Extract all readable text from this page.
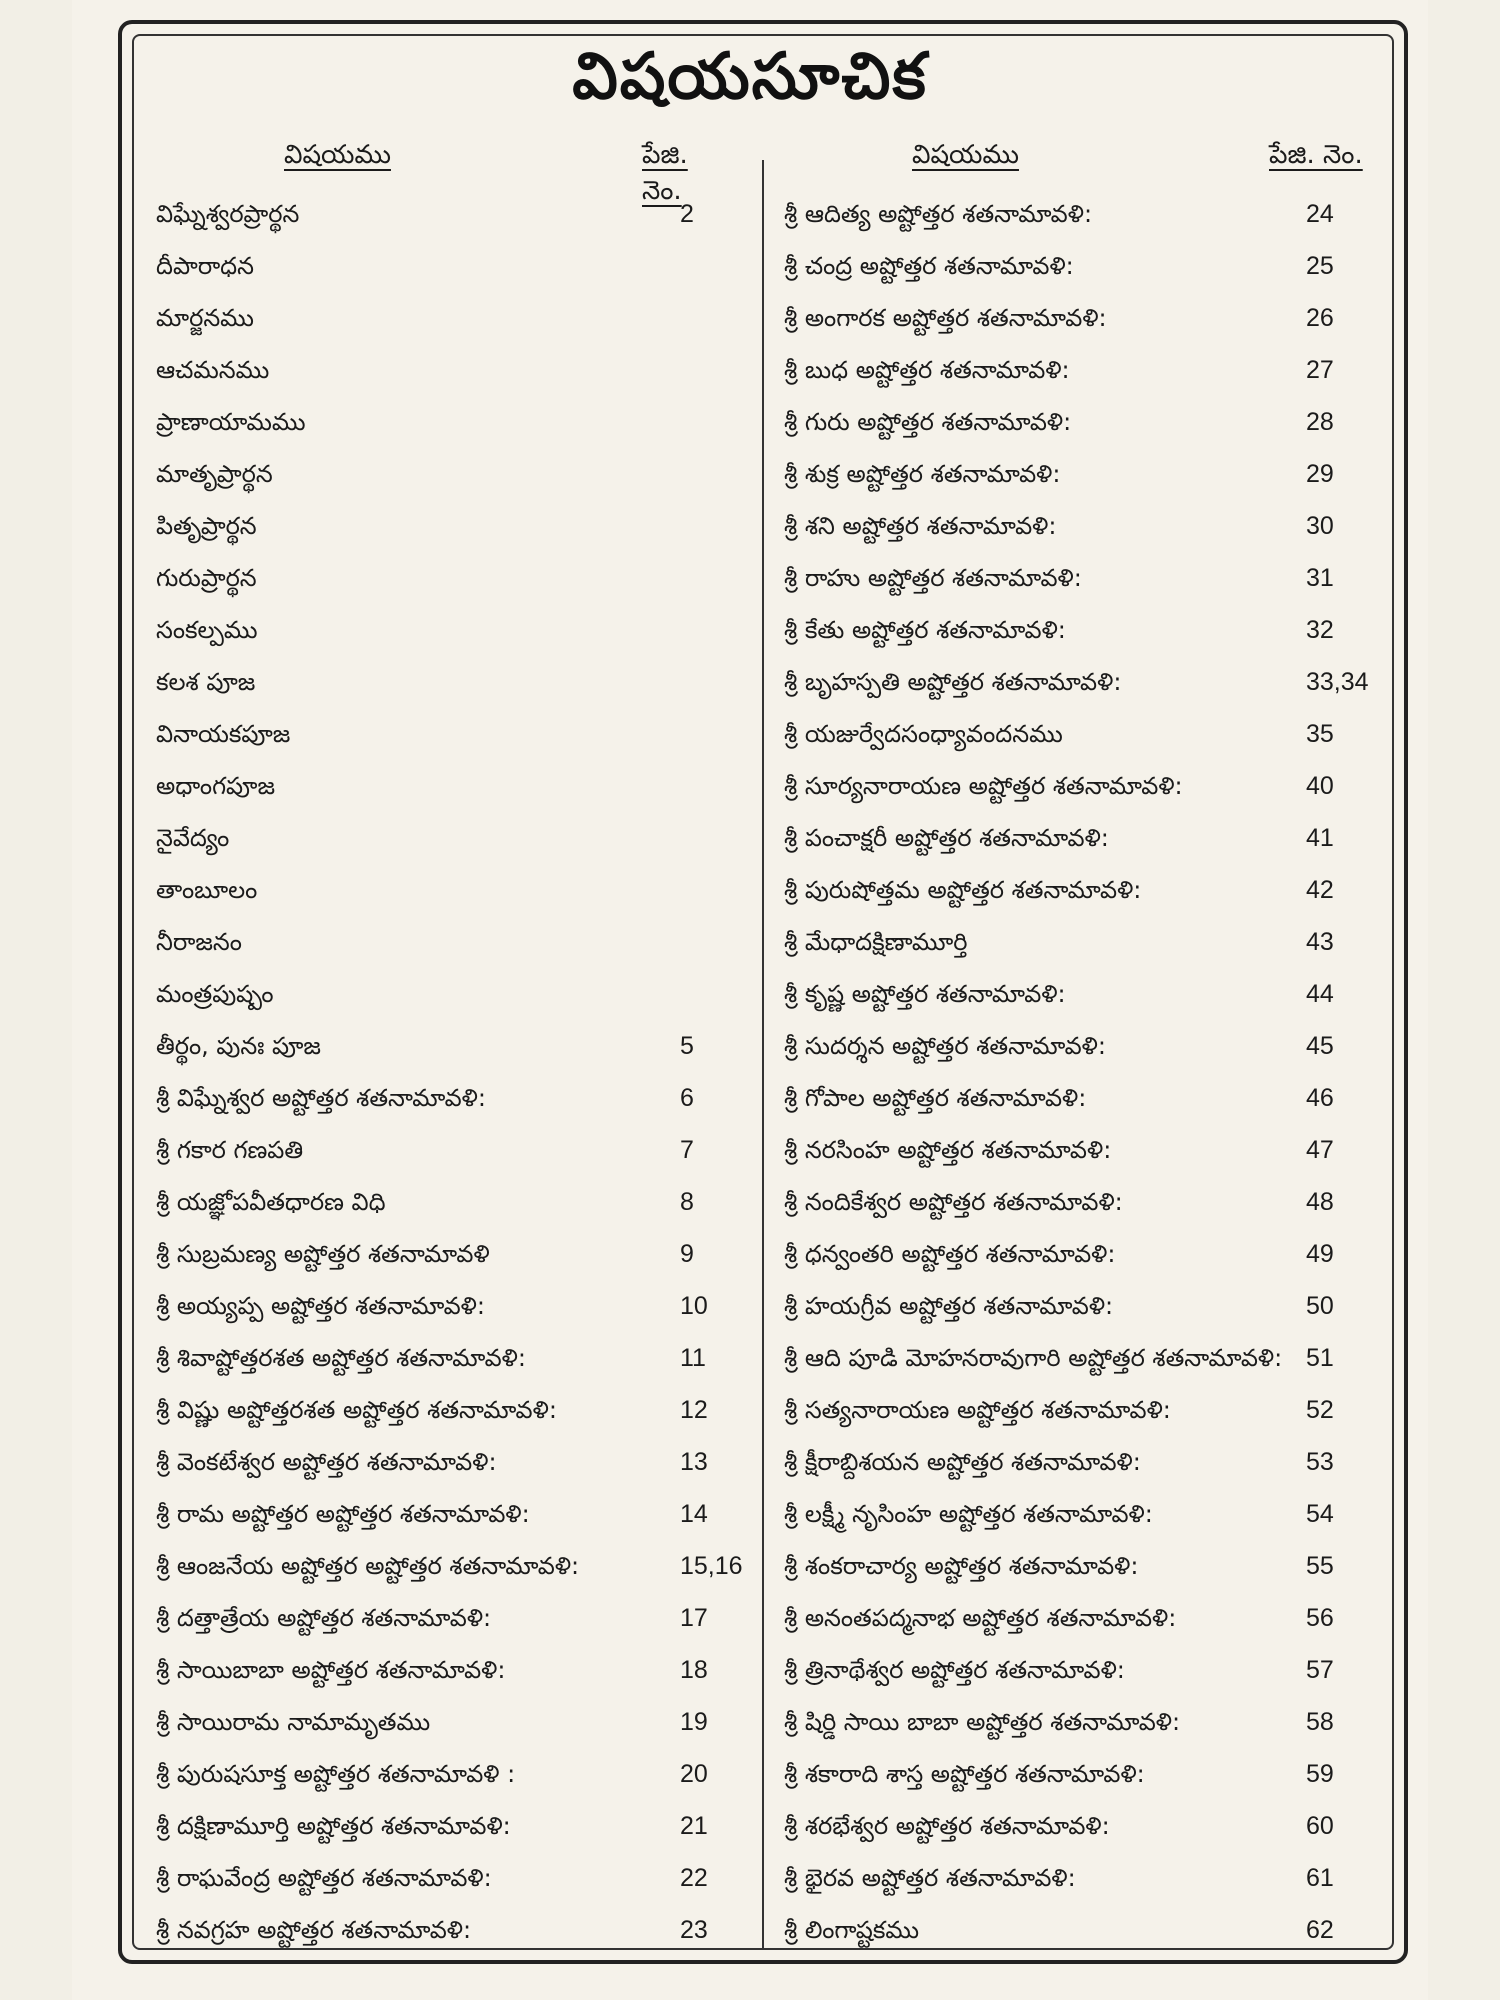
విషయసూచిక
విషయము	పేజి. నెం.
విఘ్నేశ్వరప్రార్థన	2
దీపారాధన
మార్జనము
ఆచమనము
ప్రాణాయామము
మాతృప్రార్థన
పితృప్రార్థన
గురుప్రార్థన
సంకల్పము
కలశ పూజ
వినాయకపూజ
అధాంగపూజ
నైవేద్యం
తాంబూలం
నీరాజనం
మంత్రపుష్పం
తీర్థం, పునః పూజ	5
శ్రీ విఘ్నేశ్వర అష్టోత్తర శతనామావళి:	6
శ్రీ గకార గణపతి	7
శ్రీ యజ్ఞోపవీతధారణ విధి	8
శ్రీ సుబ్రమణ్య అష్టోత్తర శతనామావళి	9
శ్రీ అయ్యప్ప అష్టోత్తర శతనామావళి:	10
శ్రీ శివాష్టోత్తరశత అష్టోత్తర శతనామావళి:	11
శ్రీ విష్ణు అష్టోత్తరశత అష్టోత్తర శతనామావళి:	12
శ్రీ వెంకటేశ్వర అష్టోత్తర శతనామావళి:	13
శ్రీ రామ అష్టోత్తర అష్టోత్తర శతనామావళి:	14
శ్రీ ఆంజనేయ అష్టోత్తర అష్టోత్తర శతనామావళి:	15,16
శ్రీ దత్తాత్రేయ అష్టోత్తర శతనామావళి:	17
శ్రీ సాయిబాబా అష్టోత్తర శతనామావళి:	18
శ్రీ సాయిరామ నామామృతము	19
శ్రీ పురుషసూక్త అష్టోత్తర శతనామావళి :	20
శ్రీ దక్షిణామూర్తి అష్టోత్తర శతనామావళి:	21
శ్రీ రాఘవేంద్ర అష్టోత్తర శతనామావళి:	22
శ్రీ నవగ్రహ అష్టోత్తర శతనామావళి:	23
విషయము	పేజి. నెం.
శ్రీ ఆదిత్య అష్టోత్తర శతనామావళి:	24
శ్రీ చంద్ర అష్టోత్తర శతనామావళి:	25
శ్రీ అంగారక అష్టోత్తర శతనామావళి:	26
శ్రీ బుధ అష్టోత్తర శతనామావళి:	27
శ్రీ గురు అష్టోత్తర శతనామావళి:	28
శ్రీ శుక్ర అష్టోత్తర శతనామావళి:	29
శ్రీ శని అష్టోత్తర శతనామావళి:	30
శ్రీ రాహు అష్టోత్తర శతనామావళి:	31
శ్రీ కేతు అష్టోత్తర శతనామావళి:	32
శ్రీ బృహస్పతి అష్టోత్తర శతనామావళి:	33,34
శ్రీ యజుర్వేదసంధ్యావందనము	35
శ్రీ సూర్యనారాయణ అష్టోత్తర శతనామావళి:	40
శ్రీ పంచాక్షరీ అష్టోత్తర శతనామావళి:	41
శ్రీ పురుషోత్తమ అష్టోత్తర శతనామావళి:	42
శ్రీ మేధాదక్షిణామూర్తి	43
శ్రీ కృష్ణ అష్టోత్తర శతనామావళి:	44
శ్రీ సుదర్శన అష్టోత్తర శతనామావళి:	45
శ్రీ గోపాల అష్టోత్తర శతనామావళి:	46
శ్రీ నరసింహ అష్టోత్తర శతనామావళి:	47
శ్రీ నందికేశ్వర అష్టోత్తర శతనామావళి:	48
శ్రీ ధన్వంతరి అష్టోత్తర శతనామావళి:	49
శ్రీ హయగ్రీవ అష్టోత్తర శతనామావళి:	50
శ్రీ ఆది పూడి మోహనరావుగారి అష్టోత్తర శతనామావళి: 51
శ్రీ సత్యనారాయణ అష్టోత్తర శతనామావళి:	52
శ్రీ క్షీరాబ్దిశయన అష్టోత్తర శతనామావళి:	53
శ్రీ లక్ష్మీ నృసింహ అష్టోత్తర శతనామావళి:	54
శ్రీ శంకరాచార్య అష్టోత్తర శతనామావళి:	55
శ్రీ అనంతపద్మనాభ అష్టోత్తర శతనామావళి:	56
శ్రీ త్రినాథేశ్వర అష్టోత్తర శతనామావళి:	57
శ్రీ షిర్డి సాయి బాబా అష్టోత్తర శతనామావళి:	58
శ్రీ శకారాది శాస్త అష్టోత్తర శతనామావళి:	59
శ్రీ శరభేశ్వర అష్టోత్తర శతనామావళి:	60
శ్రీ భైరవ అష్టోత్తర శతనామావళి:	61
శ్రీ లింగాష్టకము	62
